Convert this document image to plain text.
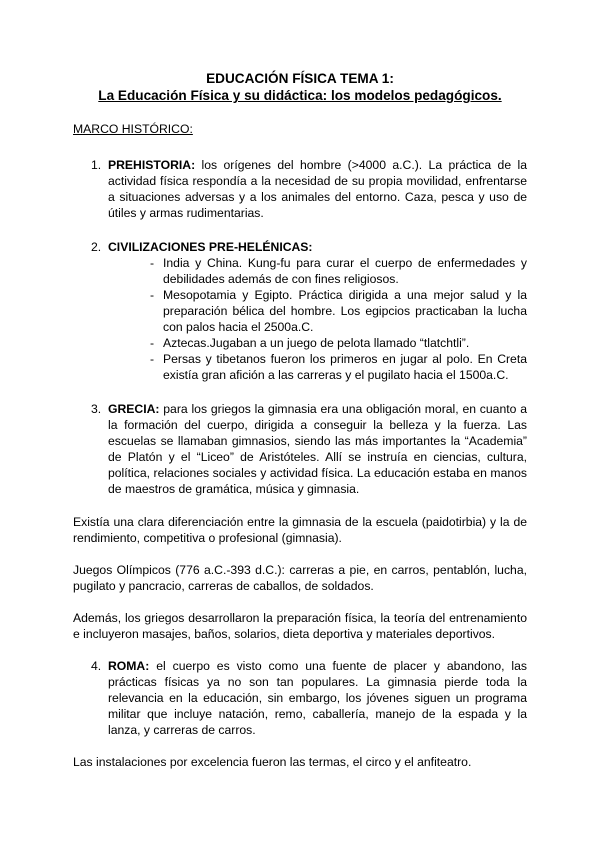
EDUCACIÓN FÍSICA TEMA 1:

La Educación Física y su didáctica: los modelos pedagógicos.

MARCO HISTÓRICO:

1. PREHISTORIA: los orígenes del hombre (>4000 a.C.). La práctica de la actividad física respondía a la necesidad de su propia movilidad, enfrentarse a situaciones adversas y a los animales del entorno. Caza, pesca y uso de útiles y armas rudimentarias.
2. CIVILIZACIONES PRE-HELÉNICAS:
- India y China. Kung-fu para curar el cuerpo de enfermedades y debilidades además de con fines religiosos.
- Mesopotamia y Egipto. Práctica dirigida a una mejor salud y la preparación bélica del hombre. Los egipcios practicaban la lucha con palos hacia el 2500a.C.
- Aztecas.Jugaban a un juego de pelota llamado “tlatchtli”.
- Persas y tibetanos fueron los primeros en jugar al polo. En Creta existía gran afición a las carreras y el pugilato hacia el 1500a.C.
3. GRECIA: para los griegos la gimnasia era una obligación moral, en cuanto a la formación del cuerpo, dirigida a conseguir la belleza y la fuerza. Las escuelas se llamaban gimnasios, siendo las más importantes la “Academia” de Platón y el “Liceo” de Aristóteles. Allí se instruía en ciencias, cultura, política, relaciones sociales y actividad física. La educación estaba en manos de maestros de gramática, música y gimnasia.

Existía una clara diferenciación entre la gimnasia de la escuela (paidotirbia) y la de rendimiento, competitiva o profesional (gimnasia).

Juegos Olímpicos (776 a.C.-393 d.C.): carreras a pie, en carros, pentablón, lucha, pugilato y pancracio, carreras de caballos, de soldados.

Además, los griegos desarrollaron la preparación física, la teoría del entrenamiento e incluyeron masajes, baños, solarios, dieta deportiva y materiales deportivos.

4. ROMA: el cuerpo es visto como una fuente de placer y abandono, las prácticas físicas ya no son tan populares. La gimnasia pierde toda la relevancia en la educación, sin embargo, los jóvenes siguen un programa militar que incluye natación, remo, caballería, manejo de la espada y la lanza, y carreras de carros.

Las instalaciones por excelencia fueron las termas, el circo y el anfiteatro.
